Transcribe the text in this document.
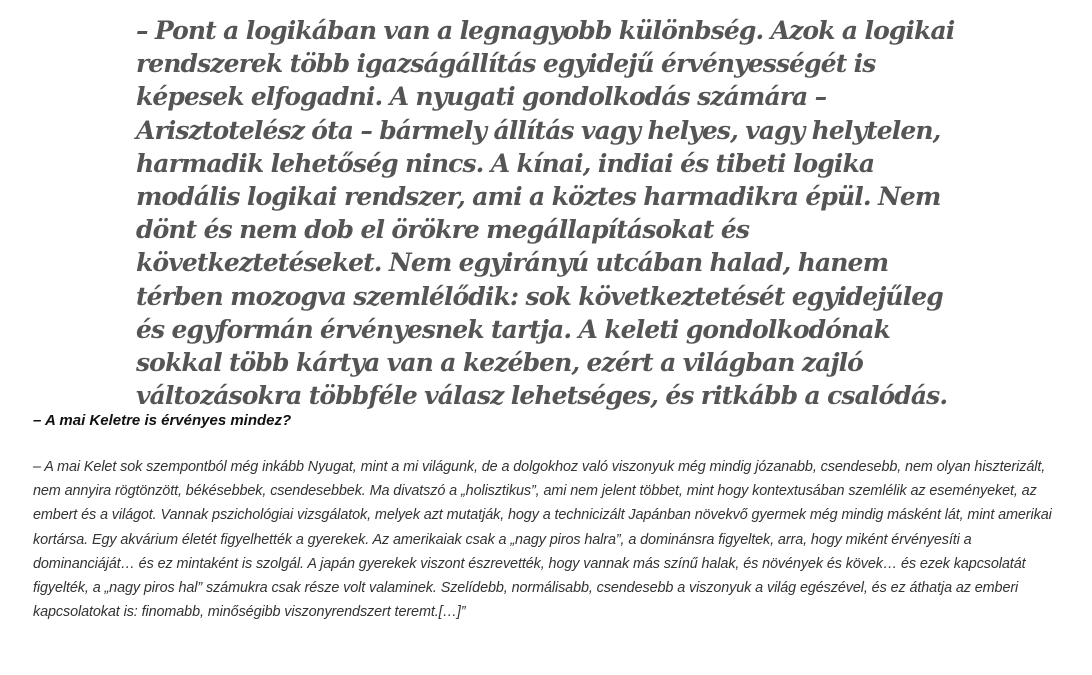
– Pont a logikában van a legnagyobb különbség. Azok a logikai rendszerek több igazságállítás egyidejű érvényességét is képesek elfogadni. A nyugati gondolkodás számára – Arisztotelész óta – bármely állítás vagy helyes, vagy helytelen, harmadik lehetőség nincs. A kínai, indiai és tibeti logika modális logikai rendszer, ami a köztes harmadikra épül. Nem dönt és nem dob el örökre megállapításokat és következtetéseket. Nem egyirányú utcában halad, hanem térben mozogva szemlélődik: sok következtetését egyidejűleg és egyformán érvényesnek tartja. A keleti gondolkodónak sokkal több kártya van a kezében, ezért a világban zajló változásokra többféle válasz lehetséges, és ritkább a csalódás.

– A mai Keletre is érvényes mindez?

– A mai Kelet sok szempontból még inkább Nyugat, mint a mi világunk, de a dolgokhoz való viszonyuk még mindig józanabb, csendesebb, nem olyan hiszterizált, nem annyira rögtönzött, békésebbek, csendesebbek. Ma divatszó a „holisztikus”, ami nem jelent többet, mint hogy kontextusában szemlélik az eseményeket, az embert és a világot. Vannak pszichológiai vizsgálatok, melyek azt mutatják, hogy a technicizált Japánban növekvő gyermek még mindig másként lát, mint amerikai kortársa. Egy akvárium életét figyelhették a gyerekek. Az amerikaiak csak a „nagy piros halra”, a dominánsra figyeltek, arra, hogy miként érvényesíti a dominanciáját… és ez mintaként is szolgál. A japán gyerekek viszont észrevették, hogy vannak más színű halak, és növények és kövek… és ezek kapcsolatát figyelték, a „nagy piros hal” számukra csak része volt valaminek. Szelídebb, normálisabb, csendesebb a viszonyuk a világ egészével, és ez áthatja az emberi kapcsolatokat is: finomabb, minőségibb viszonyrendszert teremt.[…]”
